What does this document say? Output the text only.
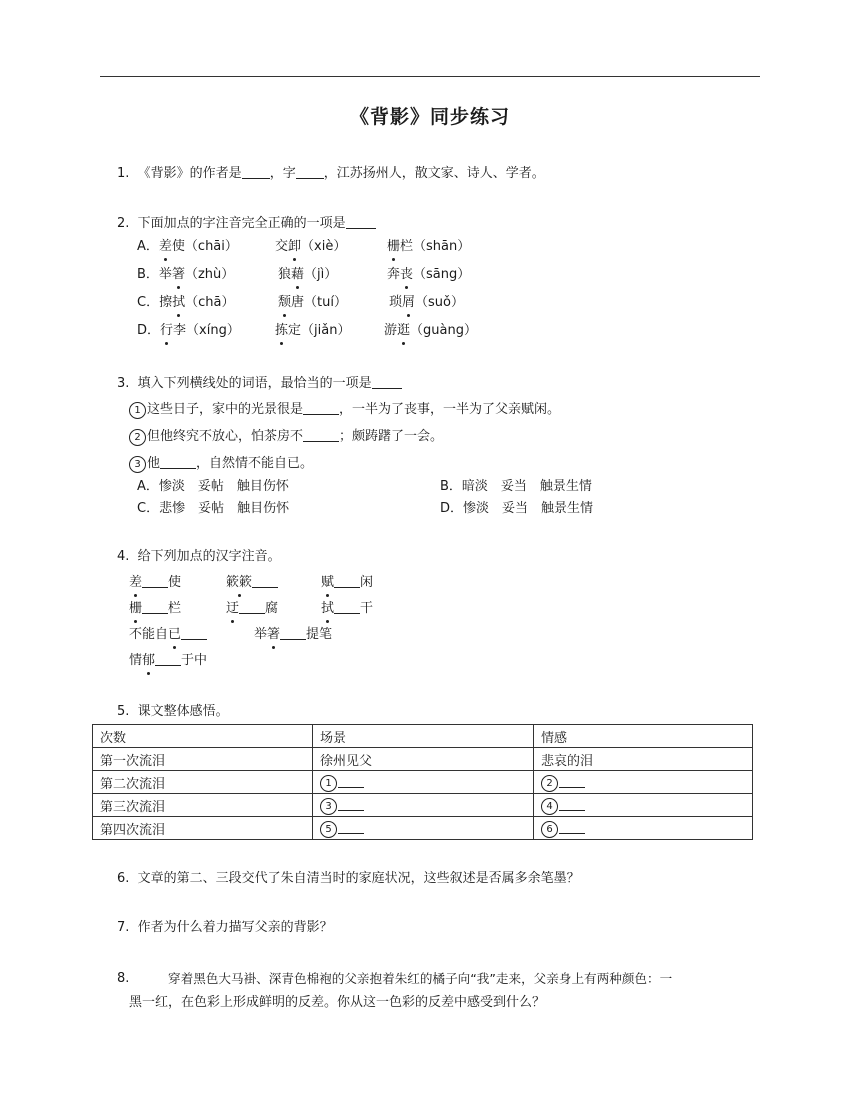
《背影》同步练习
1. 《背影》的作者是 ，字 ，江苏扬州人，散文家、诗人、学者。
2. 下面加点的字注音完全正确的一项是
A．差使（chāi）	交卸（xiè）	栅栏（shān）
B．举箸（zhù）	狼藉（jì）	奔丧（sāng）
C．擦拭（chā）	颓唐（tuí）	琐屑（suǒ）
D．行李（xíng）	拣定（jiǎn）	游逛（guàng）
3. 填入下列横线处的词语，最恰当的一项是
1 这些日子，家中的光景很是	，一半为了丧事，一半为了父亲赋闲。
2 但他终究不放心，怕茶房不	；颇踌躇了一会。
3 他	，自然情不能自已。
A．惨淡　妥帖　触目伤怀	B．暗淡　妥当　触景生情
C．悲惨　妥帖　触目伤怀	D．惨淡　妥当　触景生情
4. 给下列加点的汉字注音。
差 使	簌簌	赋 闲
栅 栏	迂 腐	拭 干
不能自已	举箸 提笔
情郁 于中
5. 课文整体感悟。
次数	场景	情感
第一次流泪	徐州见父	悲哀的泪
第二次流泪	1	2
第三次流泪	3	4
第四次流泪	5	6
6. 文章的第二、三段交代了朱自清当时的家庭状况，这些叙述是否属多余笔墨？
7. 作者为什么着力描写父亲的背影？
8.	穿着黑色大马褂、深青色棉袍的父亲抱着朱红的橘子向“我”走来，父亲身上有两种颜色：一
黑一红，在色彩上形成鲜明的反差。你从这一色彩的反差中感受到什么？
